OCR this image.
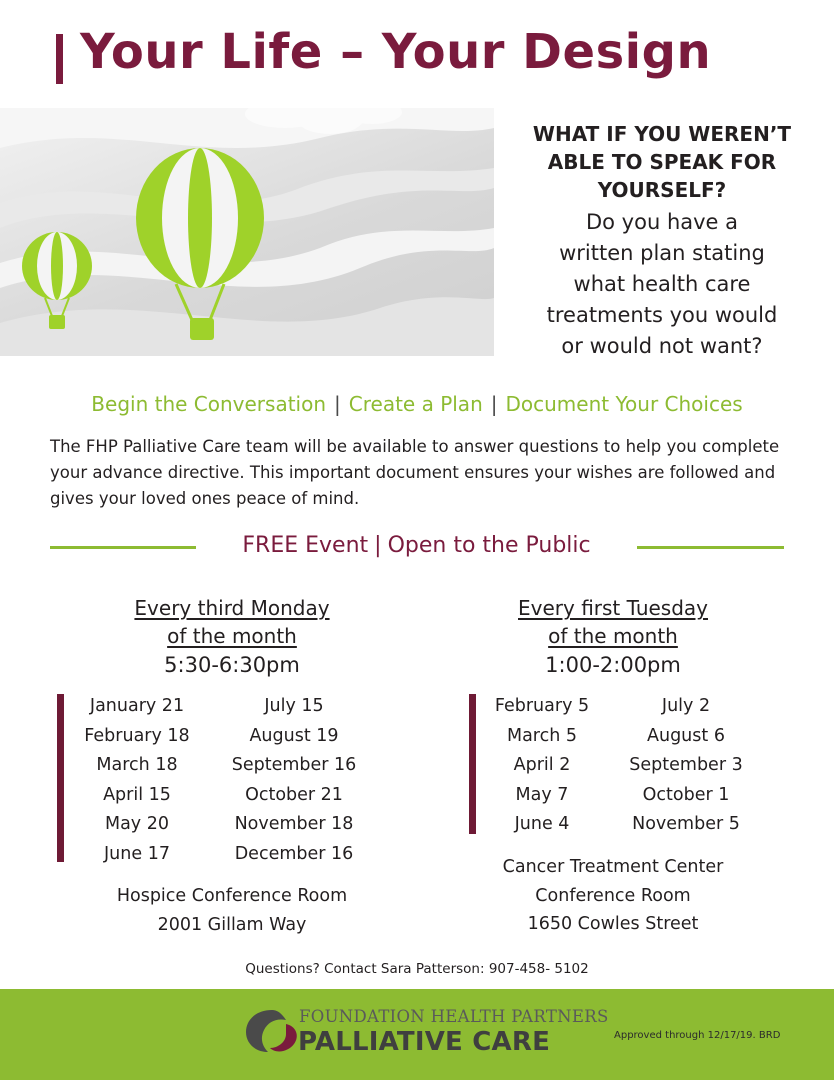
Your Life – Your Design
WHAT IF YOU WEREN’T
ABLE TO SPEAK FOR
YOURSELF?
Do you have a
written plan stating
what health care
treatments you would
or would not want?
Begin the Conversation | Create a Plan | Document Your Choices

The FHP Palliative Care team will be available to answer questions to help you complete your advance directive. This important document ensures your wishes are followed and gives your loved ones peace of mind.

FREE Event | Open to the Public
Every third Monday
of the month
5:30-6:30pm
January 21
February 18
March 18
April 15
May 20
June 17
July 15
August 19
September 16
October 21
November 18
December 16
Hospice Conference Room
2001 Gillam Way
Every first Tuesday
of the month
1:00-2:00pm
February 5
March 5
April 2
May 7
June 4
July 2
August 6
September 3
October 1
November 5
Cancer Treatment Center
Conference Room
1650 Cowles Street
Questions? Contact Sara Patterson: 907-458- 5102
FOUNDATION HEALTH PARTNERS
PALLIATIVE CARE	Approved through 12/17/19. BRD
